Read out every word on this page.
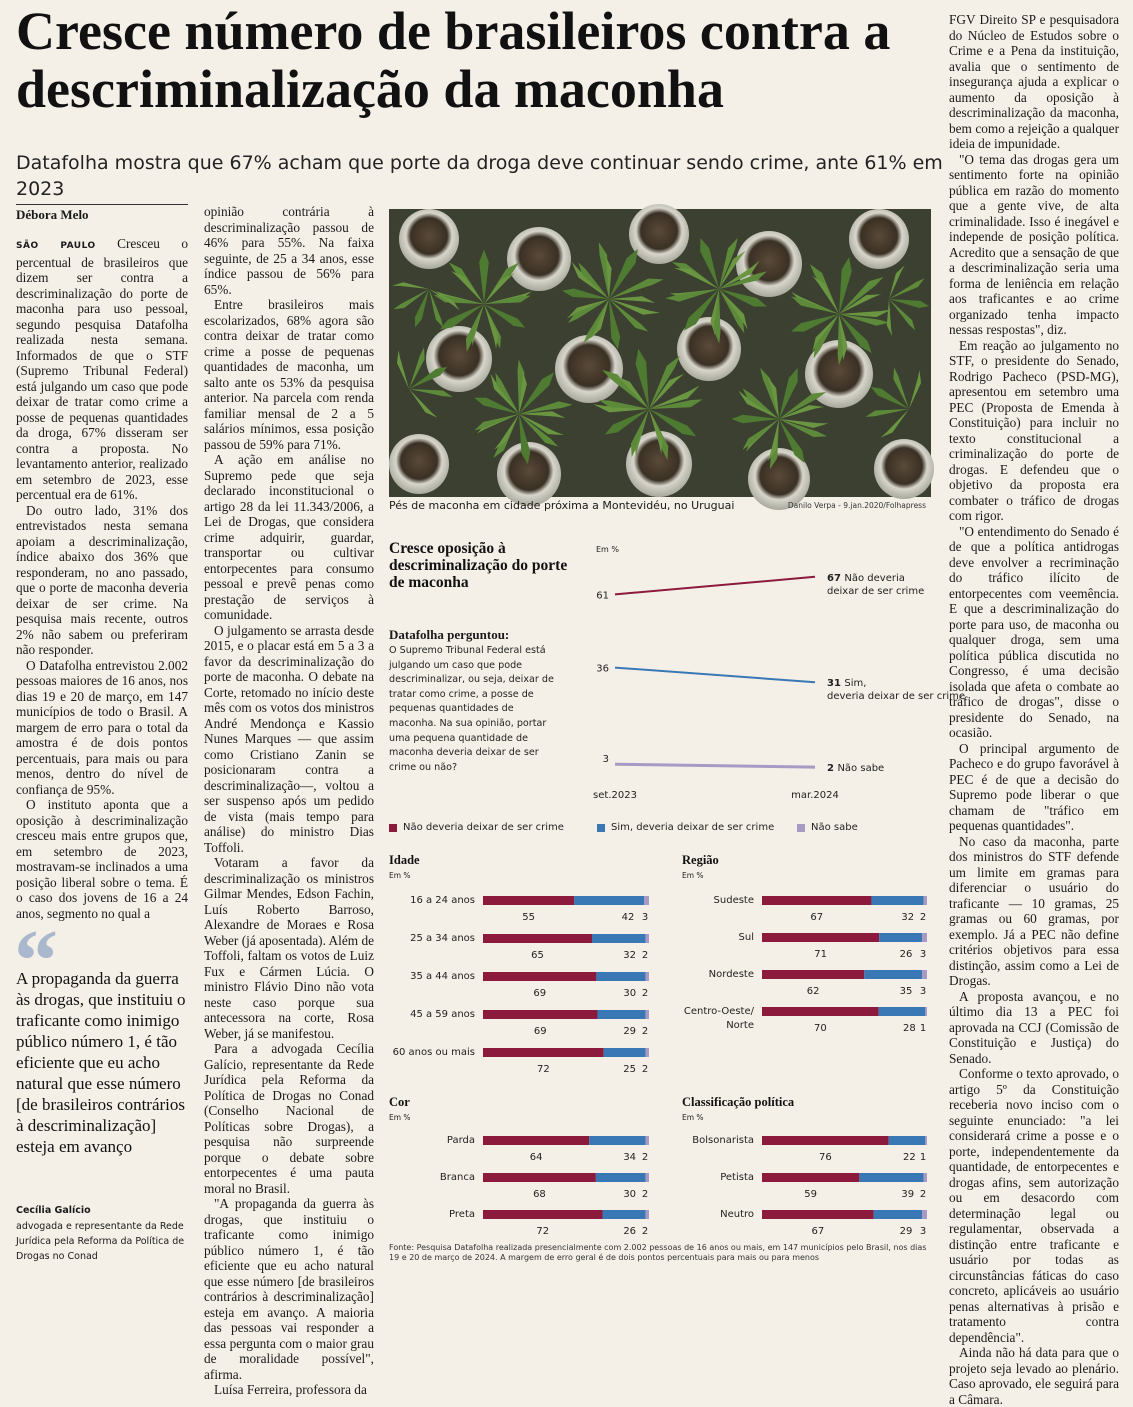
Cresce número de brasileiros contra a descriminalização da maconha

Datafolha mostra que 67% acham que porte da droga deve continuar sendo crime, ante 61% em 2023

Débora Melo

SÃO PAULO Cresceu o percentual de brasileiros que dizem ser contra a descriminalização do porte de maconha para uso pessoal, segundo pesquisa Datafolha realizada nesta semana. Informados de que o STF (Supremo Tribunal Federal) está julgando um caso que pode deixar de tratar como crime a posse de pequenas quantidades da droga, 67% disseram ser contra a proposta. No levantamento anterior, realizado em setembro de 2023, esse percentual era de 61%.

Do outro lado, 31% dos entrevistados nesta semana apoiam a descriminalização, índice abaixo dos 36% que responderam, no ano passado, que o porte de maconha deveria deixar de ser crime. Na pesquisa mais recente, outros 2% não sabem ou preferiram não responder.

O Datafolha entrevistou 2.002 pessoas maiores de 16 anos, nos dias 19 e 20 de março, em 147 municípios de todo o Brasil. A margem de erro para o total da amostra é de dois pontos percentuais, para mais ou para menos, dentro do nível de confiança de 95%.

O instituto aponta que a oposição à descriminalização cresceu mais entre grupos que, em setembro de 2023, mostravam-se inclinados a uma posição liberal sobre o tema. É o caso dos jovens de 16 a 24 anos, segmento no qual a

“
A propaganda da guerra às drogas, que instituiu o traficante como inimigo público número 1, é tão eficiente que eu acho natural que esse número [de brasileiros contrários à descriminalização] esteja em avanço
Cecília Galício
advogada e representante da Rede Jurídica pela Reforma da Política de Drogas no Conad

opinião contrária à descriminalização passou de 46% para 55%. Na faixa seguinte, de 25 a 34 anos, esse índice passou de 56% para 65%.

Entre brasileiros mais escolarizados, 68% agora são contra deixar de tratar como crime a posse de pequenas quantidades de maconha, um salto ante os 53% da pesquisa anterior. Na parcela com renda familiar mensal de 2 a 5 salários mínimos, essa posição passou de 59% para 71%.

A ação em análise no Supremo pede que seja declarado inconstitucional o artigo 28 da lei 11.343/2006, a Lei de Drogas, que considera crime adquirir, guardar, transportar ou cultivar entorpecentes para consumo pessoal e prevê penas como prestação de serviços à comunidade.

O julgamento se arrasta desde 2015, e o placar está em 5 a 3 a favor da descriminalização do porte de maconha. O debate na Corte, retomado no início deste mês com os votos dos ministros André Mendonça e Kassio Nunes Marques — que assim como Cristiano Zanin se posicionaram contra a descriminalização—, voltou a ser suspenso após um pedido de vista (mais tempo para análise) do ministro Dias Toffoli.

Votaram a favor da descriminalização os ministros Gilmar Mendes, Edson Fachin, Luís Roberto Barroso, Alexandre de Moraes e Rosa Weber (já aposentada). Além de Toffoli, faltam os votos de Luiz Fux e Cármen Lúcia. O ministro Flávio Dino não vota neste caso porque sua antecessora na corte, Rosa Weber, já se manifestou.

Para a advogada Cecília Galício, representante da Rede Jurídica pela Reforma da Política de Drogas no Conad (Conselho Nacional de Políticas sobre Drogas), a pesquisa não surpreende porque o debate sobre entorpecentes é uma pauta moral no Brasil.

"A propaganda da guerra às drogas, que instituiu o traficante como inimigo público número 1, é tão eficiente que eu acho natural que esse número [de brasileiros contrários à descriminalização] esteja em avanço. A maioria das pessoas vai responder a essa pergunta com o maior grau de moralidade possível", afirma.

Luísa Ferreira, professora da

FGV Direito SP e pesquisadora do Núcleo de Estudos sobre o Crime e a Pena da instituição, avalia que o sentimento de insegurança ajuda a explicar o aumento da oposição à descriminalização da maconha, bem como a rejeição a qualquer ideia de impunidade.

"O tema das drogas gera um sentimento forte na opinião pública em razão do momento que a gente vive, de alta criminalidade. Isso é inegável e independe de posição política. Acredito que a sensação de que a descriminalização seria uma forma de leniência em relação aos traficantes e ao crime organizado tenha impacto nessas respostas", diz.

Em reação ao julgamento no STF, o presidente do Senado, Rodrigo Pacheco (PSD-MG), apresentou em setembro uma PEC (Proposta de Emenda à Constituição) para incluir no texto constitucional a criminalização do porte de drogas. E defendeu que o objetivo da proposta era combater o tráfico de drogas com rigor.

"O entendimento do Senado é de que a política antidrogas deve envolver a recriminação do tráfico ilícito de entorpecentes com veemência. E que a descriminalização do porte para uso, de maconha ou qualquer droga, sem uma política pública discutida no Congresso, é uma decisão isolada que afeta o combate ao tráfico de drogas", disse o presidente do Senado, na ocasião.

O principal argumento de Pacheco e do grupo favorável à PEC é de que a decisão do Supremo pode liberar o que chamam de "tráfico em pequenas quantidades".

No caso da maconha, parte dos ministros do STF defende um limite em gramas para diferenciar o usuário do traficante — 10 gramas, 25 gramas ou 60 gramas, por exemplo. Já a PEC não define critérios objetivos para essa distinção, assim como a Lei de Drogas.

A proposta avançou, e no último dia 13 a PEC foi aprovada na CCJ (Comissão de Constituição e Justiça) do Senado.

Conforme o texto aprovado, o artigo 5º da Constituição receberia novo inciso com o seguinte enunciado: "a lei considerará crime a posse e o porte, independentemente da quantidade, de entorpecentes e drogas afins, sem autorização ou em desacordo com determinação legal ou regulamentar, observada a distinção entre traficante e usuário por todas as circunstâncias fáticas do caso concreto, aplicáveis ao usuário penas alternativas à prisão e tratamento contra dependência".

Ainda não há data para que o projeto seja levado ao plenário. Caso aprovado, ele seguirá para a Câmara.

Pés de maconha em cidade próxima a Montevidéu, no Uruguai	Danilo Verpa - 9.jan.2020/Folhapress
Cresce oposição à descriminalização do porte de maconha
Datafolha perguntou:
O Supremo Tribunal Federal está julgando um caso que pode descriminalizar, ou seja, deixar de tratar como crime, a posse de pequenas quantidades de maconha. Na sua opinião, portar uma pequena quantidade de maconha deveria deixar de ser crime ou não?
Em %
61
67 Não deveria
deixar de ser crime
36
31 Sim,
deveria deixar de ser crime
3
2 Não sabe
set.2023	mar.2024
Não deveria deixar de ser crime	Sim, deveria deixar de ser crime	Não sabe
Idade
Em %
Região
Em %
Cor
Em %
Classificação política
Em %
16 a 24 anos
55	42 3
25 a 34 anos
65	32 2
35 a 44 anos
69	30 2
45 a 59 anos
69	29 2
60 anos ou mais
72	25 2
Sudeste
67	32 2
Sul
71	26 3
Nordeste
62	35 3
Centro-Oeste/
Norte	70	28 1
Parda
64	34 2
Branca
68	30 2
Preta
72	26 2
Bolsonarista
76	22 1
Petista
59	39 2
Neutro
67	29 3
Fonte: Pesquisa Datafolha realizada presencialmente com 2.002 pessoas de 16 anos ou mais, em 147 municípios pelo Brasil, nos dias 19 e 20 de março de 2024. A margem de erro geral é de dois pontos percentuais para mais ou para menos
